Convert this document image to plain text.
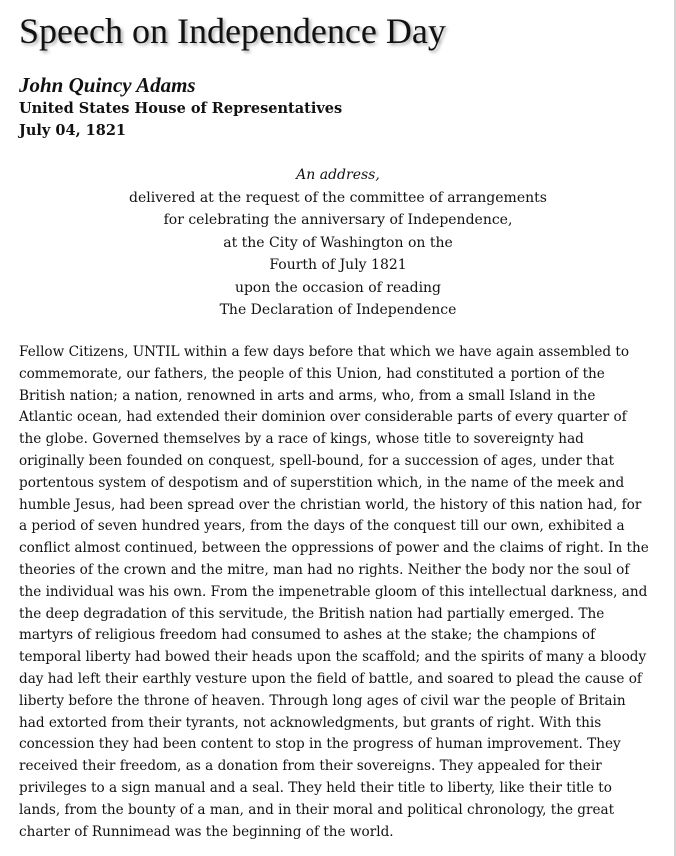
Speech on Independence Day
John Quincy Adams
United States House of Representatives
July 04, 1821
An address,
delivered at the request of the committee of arrangements
for celebrating the anniversary of Independence,
at the City of Washington on the
Fourth of July 1821
upon the occasion of reading
The Declaration of Independence

Fellow Citizens, UNTIL within a few days before that which we have again assembled to
commemorate, our fathers, the people of this Union, had constituted a portion of the
British nation; a nation, renowned in arts and arms, who, from a small Island in the
Atlantic ocean, had extended their dominion over considerable parts of every quarter of
the globe. Governed themselves by a race of kings, whose title to sovereignty had
originally been founded on conquest, spell-bound, for a succession of ages, under that
portentous system of despotism and of superstition which, in the name of the meek and
humble Jesus, had been spread over the christian world, the history of this nation had, for
a period of seven hundred years, from the days of the conquest till our own, exhibited a
conflict almost continued, between the oppressions of power and the claims of right. In the
theories of the crown and the mitre, man had no rights. Neither the body nor the soul of
the individual was his own. From the impenetrable gloom of this intellectual darkness, and
the deep degradation of this servitude, the British nation had partially emerged. The
martyrs of religious freedom had consumed to ashes at the stake; the champions of
temporal liberty had bowed their heads upon the scaffold; and the spirits of many a bloody
day had left their earthly vesture upon the field of battle, and soared to plead the cause of
liberty before the throne of heaven. Through long ages of civil war the people of Britain
had extorted from their tyrants, not acknowledgments, but grants of right. With this
concession they had been content to stop in the progress of human improvement. They
received their freedom, as a donation from their sovereigns. They appealed for their
privileges to a sign manual and a seal. They held their title to liberty, like their title to
lands, from the bounty of a man, and in their moral and political chronology, the great
charter of Runnimead was the beginning of the world.
